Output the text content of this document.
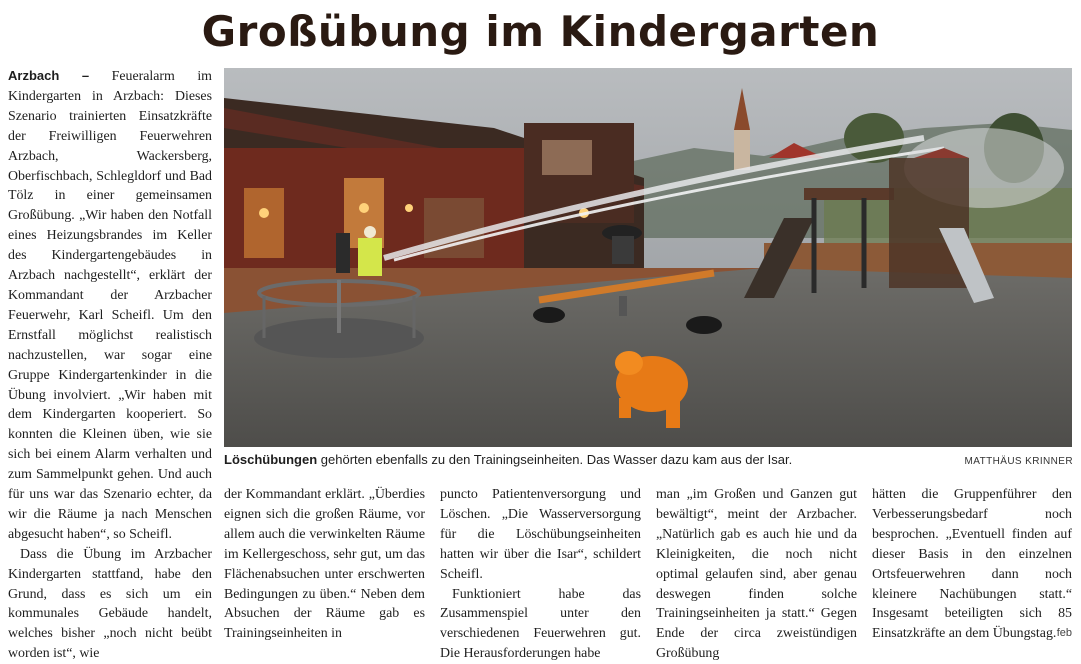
Großübung im Kindergarten

Arzbach – Feueralarm im Kindergarten in Arzbach: Dieses Szenario trainierten Einsatzkräfte der Freiwilligen Feuerwehren Arzbach, Wackersberg, Oberfischbach, Schlegldorf und Bad Tölz in einer gemeinsamen Großübung. „Wir haben den Notfall eines Heizungsbrandes im Keller des Kindergartengebäudes in Arzbach nachgestellt“, erklärt der Kommandant der Arzbacher Feuerwehr, Karl Scheifl. Um den Ernstfall möglichst realistisch nachzustellen, war sogar eine Gruppe Kindergartenkinder in die Übung involviert. „Wir haben mit dem Kindergarten kooperiert. So konnten die Kleinen üben, wie sie sich bei einem Alarm verhalten und zum Sammelpunkt gehen. Und auch für uns war das Szenario echter, da wir die Räume ja nach Menschen abgesucht haben“, so Scheifl.

Dass die Übung im Arzbacher Kindergarten stattfand, habe den Grund, dass es sich um ein kommunales Gebäude handelt, welches bisher „noch nicht beübt worden ist“, wie

Löschübungen gehörten ebenfalls zu den Trainingseinheiten. Das Wasser dazu kam aus der Isar.	MATTHÄUS KRINNER

der Kommandant erklärt. „Überdies eignen sich die großen Räume, vor allem auch die verwinkelten Räume im Kellergeschoss, sehr gut, um das Flächenabsuchen unter erschwerten Bedingungen zu üben.“ Neben dem Absuchen der Räume gab es Trainingseinheiten in

puncto Patientenversorgung und Löschen. „Die Wasserversorgung für die Löschübungseinheiten hatten wir über die Isar“, schildert Scheifl.

Funktioniert habe das Zusammenspiel unter den verschiedenen Feuerwehren gut. Die Herausforderungen habe

man „im Großen und Ganzen gut bewältigt“, meint der Arzbacher. „Natürlich gab es auch hie und da Kleinigkeiten, die noch nicht optimal gelaufen sind, aber genau deswegen finden solche Trainingseinheiten ja statt.“ Gegen Ende der circa zweistündigen Großübung

hätten die Gruppenführer den Verbesserungsbedarf noch besprochen. „Eventuell finden auf dieser Basis in den einzelnen Ortsfeuerwehren dann noch kleinere Nachübungen statt.“ Insgesamt beteiligten sich 85 Einsatzkräfte an dem Übungstag. feb
